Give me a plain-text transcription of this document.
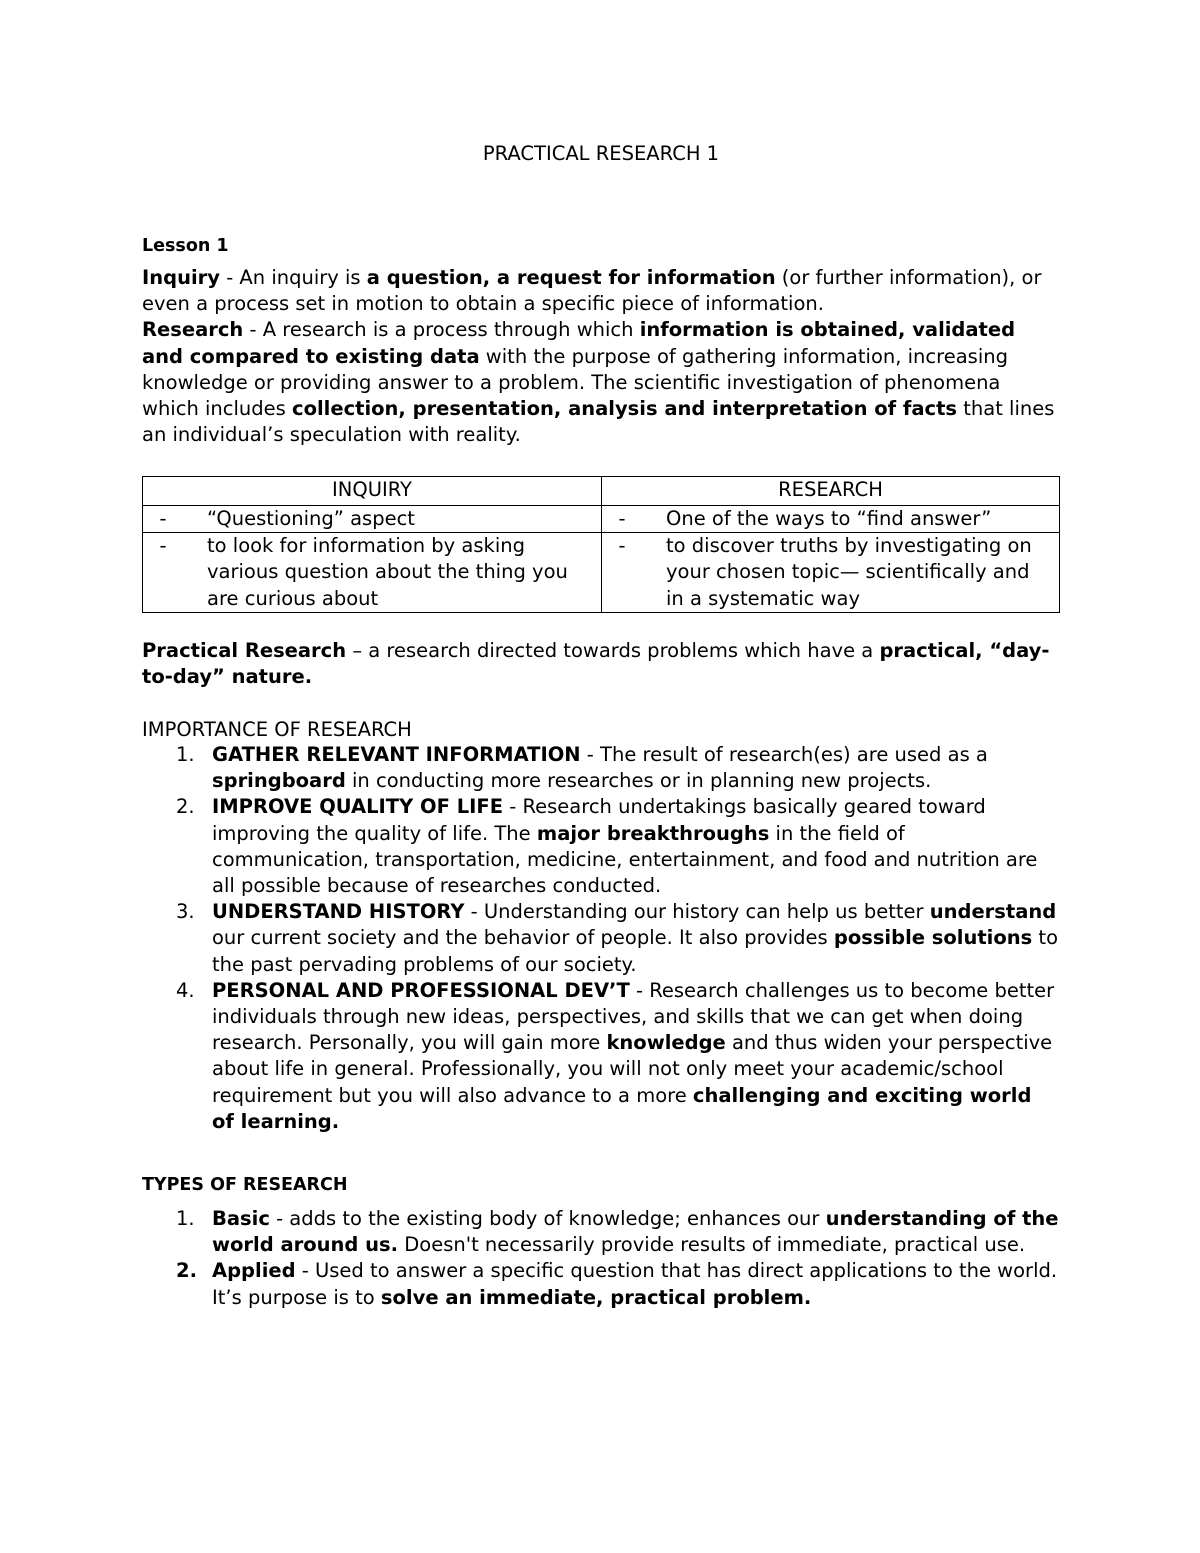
PRACTICAL RESEARCH 1
Lesson 1
Inquiry - An inquiry is a question, a request for information (or further information), or even a process set in motion to obtain a specific piece of information.
Research - A research is a process through which information is obtained, validated and compared to existing data with the purpose of gathering information, increasing knowledge or providing answer to a problem. The scientific investigation of phenomena which includes collection, presentation, analysis and interpretation of facts that lines an individual’s speculation with reality.
INQUIRY	RESEARCH

- “Questioning” aspect	- One of the ways to “find answer”

- to look for information by asking various question about the thing you are curious about	- to discover truths by investigating on your chosen topic— scientifically and in a systematic way
Practical Research – a research directed towards problems which have a practical, “day-to-day” nature.
IMPORTANCE OF RESEARCH
1. GATHER RELEVANT INFORMATION - The result of research(es) are used as a springboard in conducting more researches or in planning new projects.
2. IMPROVE QUALITY OF LIFE - Research undertakings basically geared toward improving the quality of life. The major breakthroughs in the field of communication, transportation, medicine, entertainment, and food and nutrition are all possible because of researches conducted.
3. UNDERSTAND HISTORY - Understanding our history can help us better understand our current society and the behavior of people. It also provides possible solutions to the past pervading problems of our society.
4. PERSONAL AND PROFESSIONAL DEV’T - Research challenges us to become better individuals through new ideas, perspectives, and skills that we can get when doing research. Personally, you will gain more knowledge and thus widen your perspective about life in general. Professionally, you will not only meet your academic/school requirement but you will also advance to a more challenging and exciting world of learning.
TYPES OF RESEARCH
1. Basic - adds to the existing body of knowledge; enhances our understanding of the world around us. Doesn't necessarily provide results of immediate, practical use.
2. Applied - Used to answer a specific question that has direct applications to the world. It’s purpose is to solve an immediate, practical problem.
